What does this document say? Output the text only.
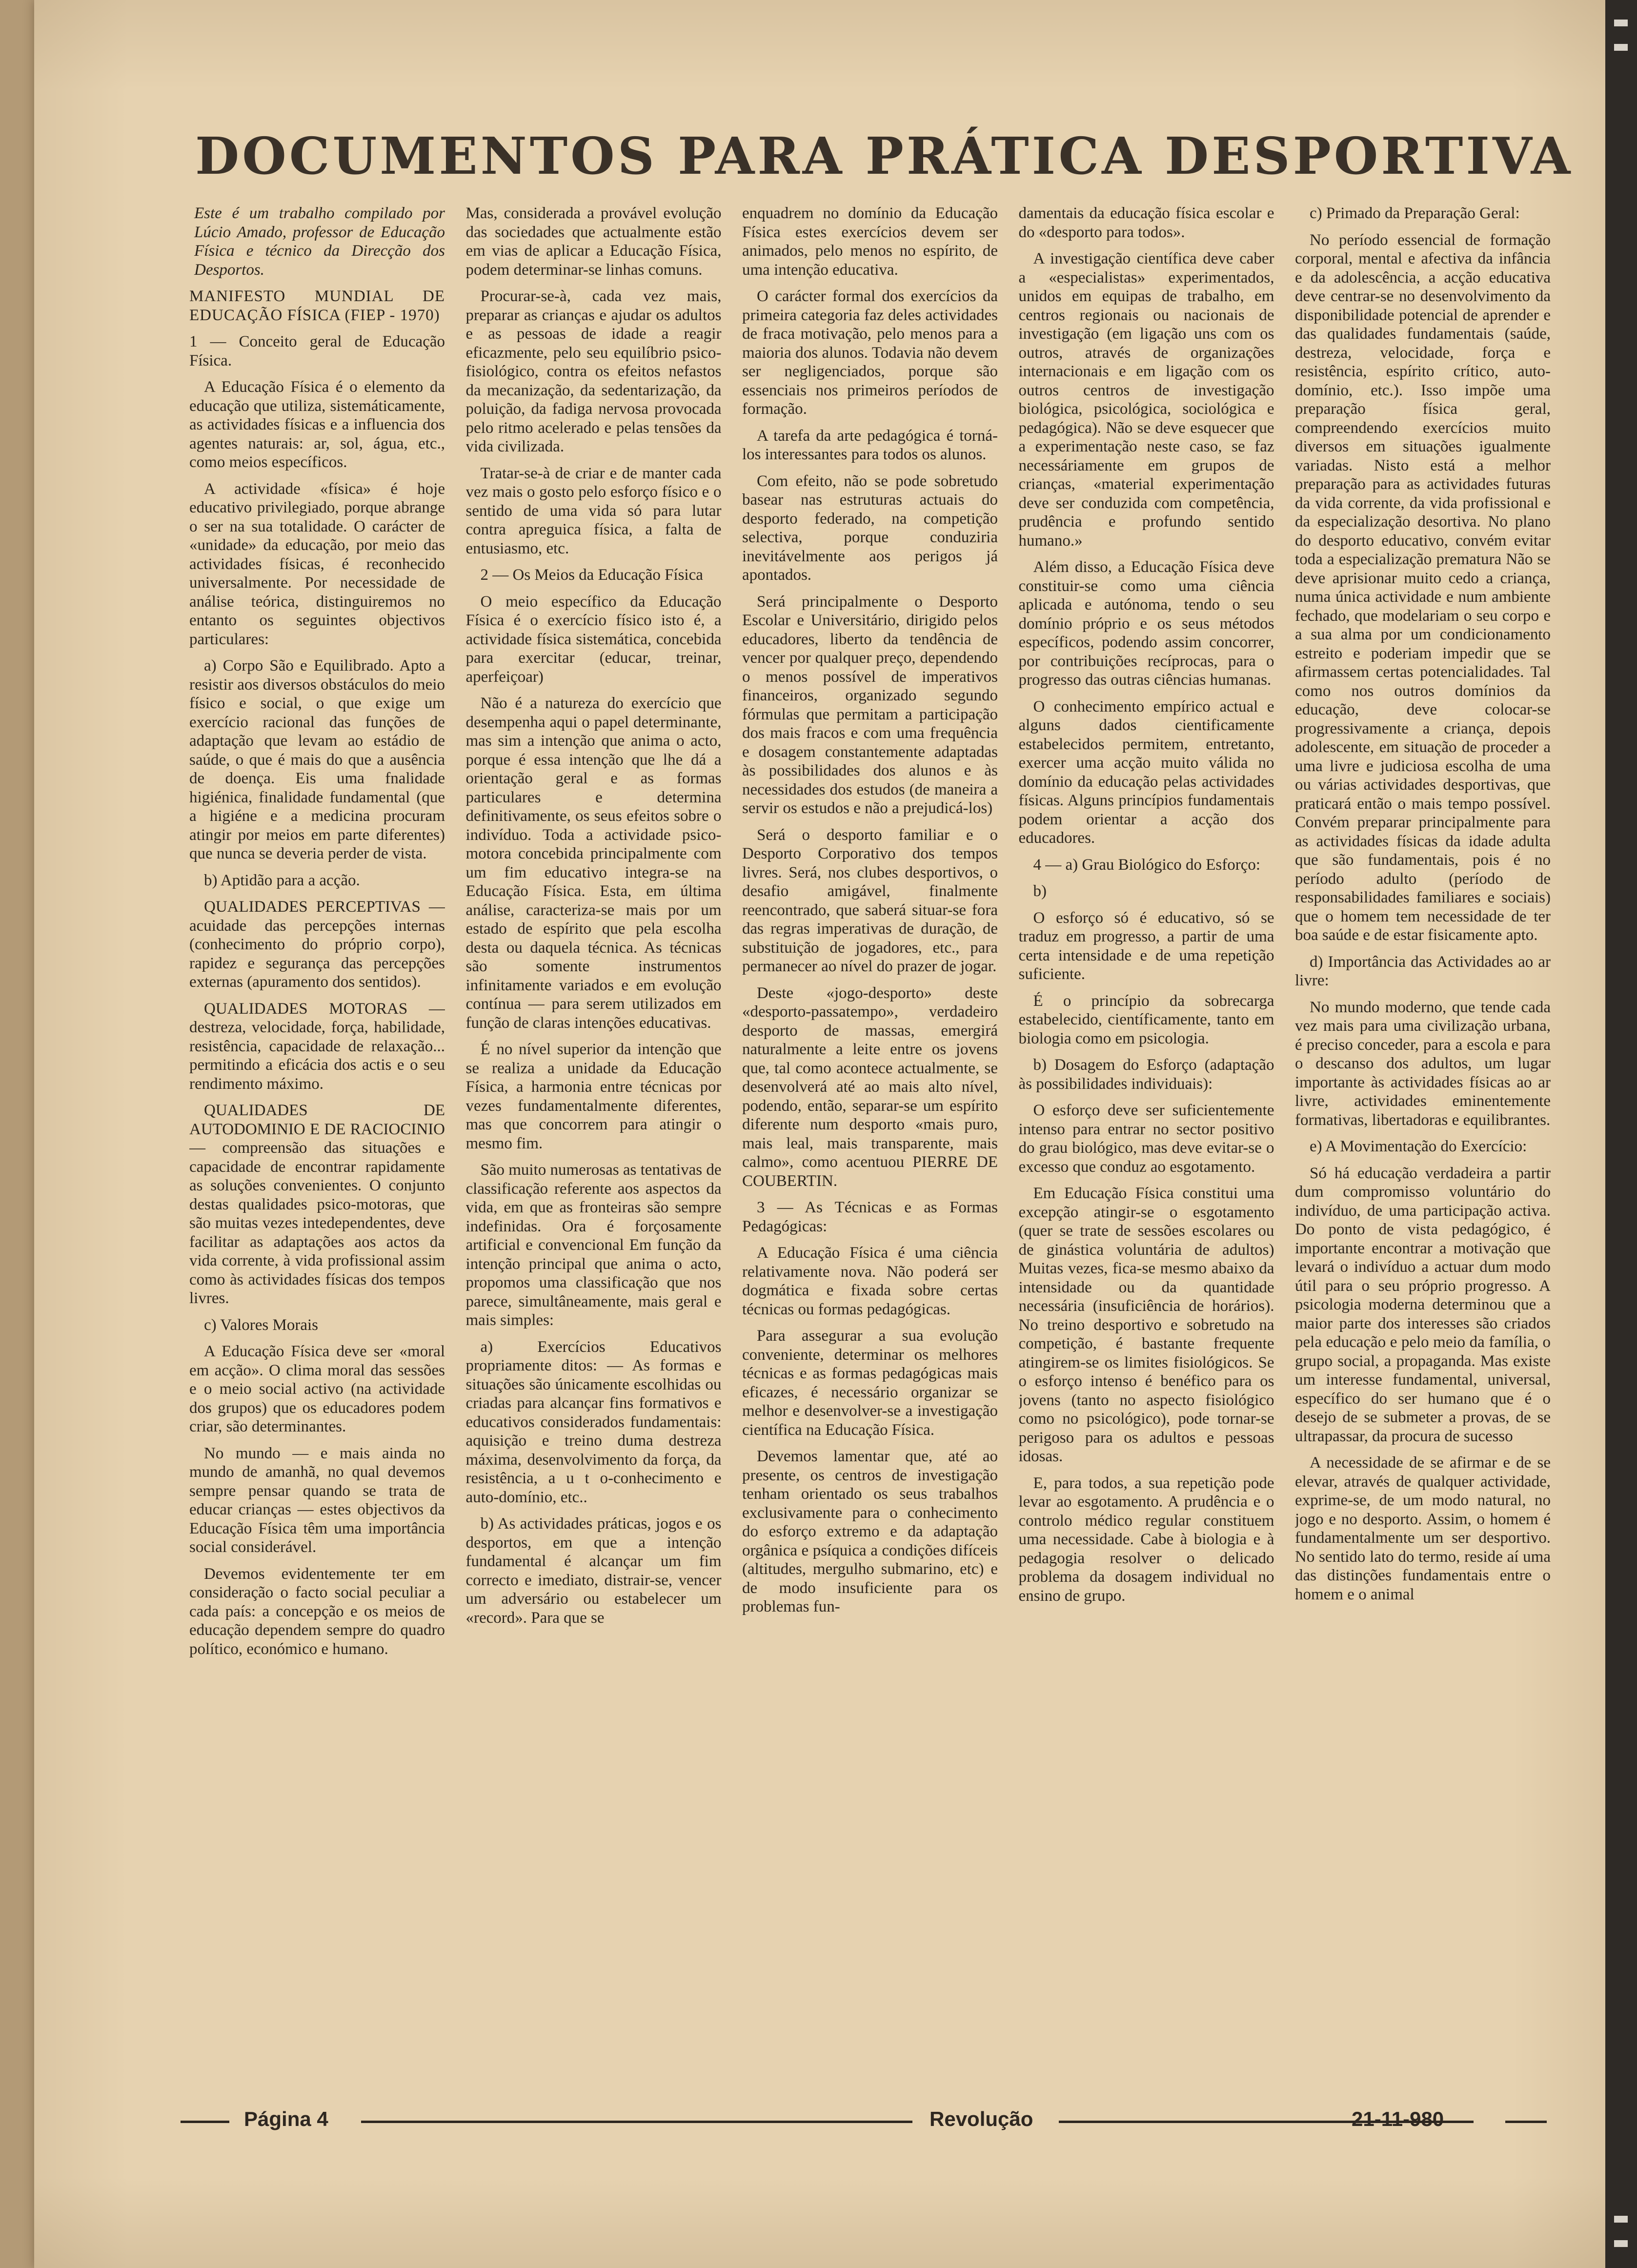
DOCUMENTOS PARA PRÁTICA DESPORTIVA

Este é um trabalho compilado por Lúcio Amado, professor de Educação Física e técnico da Direcção dos Desportos.

MANIFESTO MUNDIAL DE EDUCAÇÃO FÍSICA (FIEP - 1970)

1 — Conceito geral de Educação Física.

A Educação Física é o elemento da educação que utiliza, sistemáticamente, as actividades físicas e a influencia dos agentes naturais: ar, sol, água, etc., como meios específicos.

A actividade «física» é hoje educativo privilegiado, porque abrange o ser na sua totalidade. O carácter de «unidade» da educação, por meio das actividades físicas, é reconhecido universalmente. Por necessidade de análise teórica, distinguiremos no entanto os seguintes objectivos particulares:

a) Corpo São e Equilibrado. Apto a resistir aos diversos obstáculos do meio físico e social, o que exige um exercício racional das funções de adaptação que levam ao estádio de saúde, o que é mais do que a ausência de doença. Eis uma fnalidade higiénica, finalidade fundamental (que a higiéne e a medicina procuram atingir por meios em parte diferentes) que nunca se deveria perder de vista.

b) Aptidão para a acção.

QUALIDADES PERCEPTIVAS — acuidade das percepções internas (conhecimento do próprio corpo), rapidez e segurança das percepções externas (apuramento dos sentidos).

QUALIDADES MOTORAS — destreza, velocidade, força, habilidade, resistência, capacidade de relaxação... permitindo a eficácia dos actis e o seu rendimento máximo.

QUALIDADES DE AUTODOMINIO E DE RACIOCINIO — compreensão das situações e capacidade de encontrar rapidamente as soluções convenientes. O conjunto destas qualidades psico-motoras, que são muitas vezes intedependentes, deve facilitar as adaptações aos actos da vida corrente, à vida profissional assim como às actividades físicas dos tempos livres.

c) Valores Morais

A Educação Física deve ser «moral em acção». O clima moral das sessões e o meio social activo (na actividade dos grupos) que os educadores podem criar, são determinantes.

No mundo — e mais ainda no mundo de amanhã, no qual devemos sempre pensar quando se trata de educar crianças — estes objectivos da Educação Física têm uma importância social considerável.

Devemos evidentemente ter em consideração o facto social peculiar a cada país: a concepção e os meios de educação dependem sempre do quadro político, económico e humano.

Mas, considerada a provável evolução das sociedades que actualmente estão em vias de aplicar a Educação Física, podem determinar-se linhas comuns.

Procurar-se-à, cada vez mais, preparar as crianças e ajudar os adultos e as pessoas de idade a reagir eficazmente, pelo seu equilíbrio psico-fisiológico, contra os efeitos nefastos da mecanização, da sedentarização, da poluição, da fadiga nervosa provocada pelo ritmo acelerado e pelas tensões da vida civilizada.

Tratar-se-à de criar e de manter cada vez mais o gosto pelo esforço físico e o sentido de uma vida só para lutar contra apreguica física, a falta de entusiasmo, etc.

2 — Os Meios da Educação Física

O meio específico da Educação Física é o exercício físico isto é, a actividade física sistemática, concebida para exercitar (educar, treinar, aperfeiçoar)

Não é a natureza do exercício que desempenha aqui o papel determinante, mas sim a intenção que anima o acto, porque é essa intenção que lhe dá a orientação geral e as formas particulares e determina definitivamente, os seus efeitos sobre o indivíduo. Toda a actividade psico-motora concebida principalmente com um fim educativo integra-se na Educação Física. Esta, em última análise, caracteriza-se mais por um estado de espírito que pela escolha desta ou daquela técnica. As técnicas são somente instrumentos infinitamente variados e em evolução contínua — para serem utilizados em função de claras intenções educativas.

É no nível superior da intenção que se realiza a unidade da Educação Física, a harmonia entre técnicas por vezes fundamentalmente diferentes, mas que concorrem para atingir o mesmo fim.

São muito numerosas as tentativas de classificação referente aos aspectos da vida, em que as fronteiras são sempre indefinidas. Ora é forçosamente artificial e convencional Em função da intenção principal que anima o acto, propomos uma classificação que nos parece, simultâneamente, mais geral e mais simples:

a) Exercícios Educativos propriamente ditos: — As formas e situações são únicamente escolhidas ou criadas para alcançar fins formativos e educativos considerados fundamentais: aquisição e treino duma destreza máxima, desenvolvimento da força, da resistência, a u t o-conhecimento e auto-domínio, etc..

b) As actividades práticas, jogos e os desportos, em que a intenção fundamental é alcançar um fim correcto e imediato, distrair-se, vencer um adversário ou estabelecer um «record». Para que se

enquadrem no domínio da Educação Física estes exercícios devem ser animados, pelo menos no espírito, de uma intenção educativa.

O carácter formal dos exercícios da primeira categoria faz deles actividades de fraca motivação, pelo menos para a maioria dos alunos. Todavia não devem ser negligenciados, porque são essenciais nos primeiros períodos de formação.

A tarefa da arte pedagógica é torná-los interessantes para todos os alunos.

Com efeito, não se pode sobretudo basear nas estruturas actuais do desporto federado, na competição selectiva, porque conduziria inevitávelmente aos perigos já apontados.

Será principalmente o Desporto Escolar e Universitário, dirigido pelos educadores, liberto da tendência de vencer por qualquer preço, dependendo o menos possível de imperativos financeiros, organizado segundo fórmulas que permitam a participação dos mais fracos e com uma frequência e dosagem constantemente adaptadas às possibilidades dos alunos e às necessidades dos estudos (de maneira a servir os estudos e não a prejudicá-los)

Será o desporto familiar e o Desporto Corporativo dos tempos livres. Será, nos clubes desportivos, o desafio amigável, finalmente reencontrado, que saberá situar-se fora das regras imperativas de duração, de substituição de jogadores, etc., para permanecer ao nível do prazer de jogar.

Deste «jogo-desporto» deste «desporto-passatempo», verdadeiro desporto de massas, emergirá naturalmente a leite entre os jovens que, tal como acontece actualmente, se desenvolverá até ao mais alto nível, podendo, então, separar-se um espírito diferente num desporto «mais puro, mais leal, mais transparente, mais calmo», como acentuou PIERRE DE COUBERTIN.

3 — As Técnicas e as Formas Pedagógicas:

A Educação Física é uma ciência relativamente nova. Não poderá ser dogmática e fixada sobre certas técnicas ou formas pedagógicas.

Para assegurar a sua evolução conveniente, determinar os melhores técnicas e as formas pedagógicas mais eficazes, é necessário organizar se melhor e desenvolver-se a investigação científica na Educação Física.

Devemos lamentar que, até ao presente, os centros de investigação tenham orientado os seus trabalhos exclusivamente para o conhecimento do esforço extremo e da adaptação orgânica e psíquica a condições difíceis (altitudes, mergulho submarino, etc) e de modo insuficiente para os problemas fun-

damentais da educação física escolar e do «desporto para todos».

A investigação científica deve caber a «especialistas» experimentados, unidos em equipas de trabalho, em centros regionais ou nacionais de investigação (em ligação uns com os outros, através de organizações internacionais e em ligação com os outros centros de investigação biológica, psicológica, sociológica e pedagógica). Não se deve esquecer que a experimentação neste caso, se faz necessáriamente em grupos de crianças, «material experimentação deve ser conduzida com competência, prudência e profundo sentido humano.»

Além disso, a Educação Física deve constituir-se como uma ciência aplicada e autónoma, tendo o seu domínio próprio e os seus métodos específicos, podendo assim concorrer, por contribuições recíprocas, para o progresso das outras ciências humanas.

O conhecimento empírico actual e alguns dados cientificamente estabelecidos permitem, entretanto, exercer uma acção muito válida no domínio da educação pelas actividades físicas. Alguns princípios fundamentais podem orientar a acção dos educadores.

4 — a) Grau Biológico do Esforço:

b)

O esforço só é educativo, só se traduz em progresso, a partir de uma certa intensidade e de uma repetição suficiente.

É o princípio da sobrecarga estabelecido, científicamente, tanto em biologia como em psicologia.

b) Dosagem do Esforço (adaptação às possibilidades individuais):

O esforço deve ser suficientemente intenso para entrar no sector positivo do grau biológico, mas deve evitar-se o excesso que conduz ao esgotamento.

Em Educação Física constitui uma excepção atingir-se o esgotamento (quer se trate de sessões escolares ou de ginástica voluntária de adultos) Muitas vezes, fica-se mesmo abaixo da intensidade ou da quantidade necessária (insuficiência de horários). No treino desportivo e sobretudo na competição, é bastante frequente atingirem-se os limites fisiológicos. Se o esforço intenso é benéfico para os jovens (tanto no aspecto fisiológico como no psicológico), pode tornar-se perigoso para os adultos e pessoas idosas.

E, para todos, a sua repetição pode levar ao esgotamento. A prudência e o controlo médico regular constituem uma necessidade. Cabe à biologia e à pedagogia resolver o delicado problema da dosagem individual no ensino de grupo.

c) Primado da Preparação Geral:

No período essencial de formação corporal, mental e afectiva da infância e da adolescência, a acção educativa deve centrar-se no desenvolvimento da disponibilidade potencial de aprender e das qualidades fundamentais (saúde, destreza, velocidade, força e resistência, espírito crítico, auto-domínio, etc.). Isso impõe uma preparação física geral, compreendendo exercícios muito diversos em situações igualmente variadas. Nisto está a melhor preparação para as actividades futuras da vida corrente, da vida profissional e da especialização desortiva. No plano do desporto educativo, convém evitar toda a especialização prematura Não se deve aprisionar muito cedo a criança, numa única actividade e num ambiente fechado, que modelariam o seu corpo e a sua alma por um condicionamento estreito e poderiam impedir que se afirmassem certas potencialidades. Tal como nos outros domínios da educação, deve colocar-se progressivamente a criança, depois adolescente, em situação de proceder a uma livre e judiciosa escolha de uma ou várias actividades desportivas, que praticará então o mais tempo possível. Convém preparar principalmente para as actividades físicas da idade adulta que são fundamentais, pois é no período adulto (período de responsabilidades familiares e sociais) que o homem tem necessidade de ter boa saúde e de estar fisicamente apto.

d) Importância das Actividades ao ar livre:

No mundo moderno, que tende cada vez mais para uma civilização urbana, é preciso conceder, para a escola e para o descanso dos adultos, um lugar importante às actividades físicas ao ar livre, actividades eminentemente formativas, libertadoras e equilibrantes.

e) A Movimentação do Exercício:

Só há educação verdadeira a partir dum compromisso voluntário do indivíduo, de uma participação activa. Do ponto de vista pedagógico, é importante encontrar a motivação que levará o indivíduo a actuar dum modo útil para o seu próprio progresso. A psicologia moderna determinou que a maior parte dos interesses são criados pela educação e pelo meio da família, o grupo social, a propaganda. Mas existe um interesse fundamental, universal, específico do ser humano que é o desejo de se submeter a provas, de se ultrapassar, da procura de sucesso

A necessidade de se afirmar e de se elevar, através de qualquer actividade, exprime-se, de um modo natural, no jogo e no desporto. Assim, o homem é fundamentalmente um ser desportivo. No sentido lato do termo, reside aí uma das distinções fundamentais entre o homem e o animal

Página 4	Revolução	21-11-980
